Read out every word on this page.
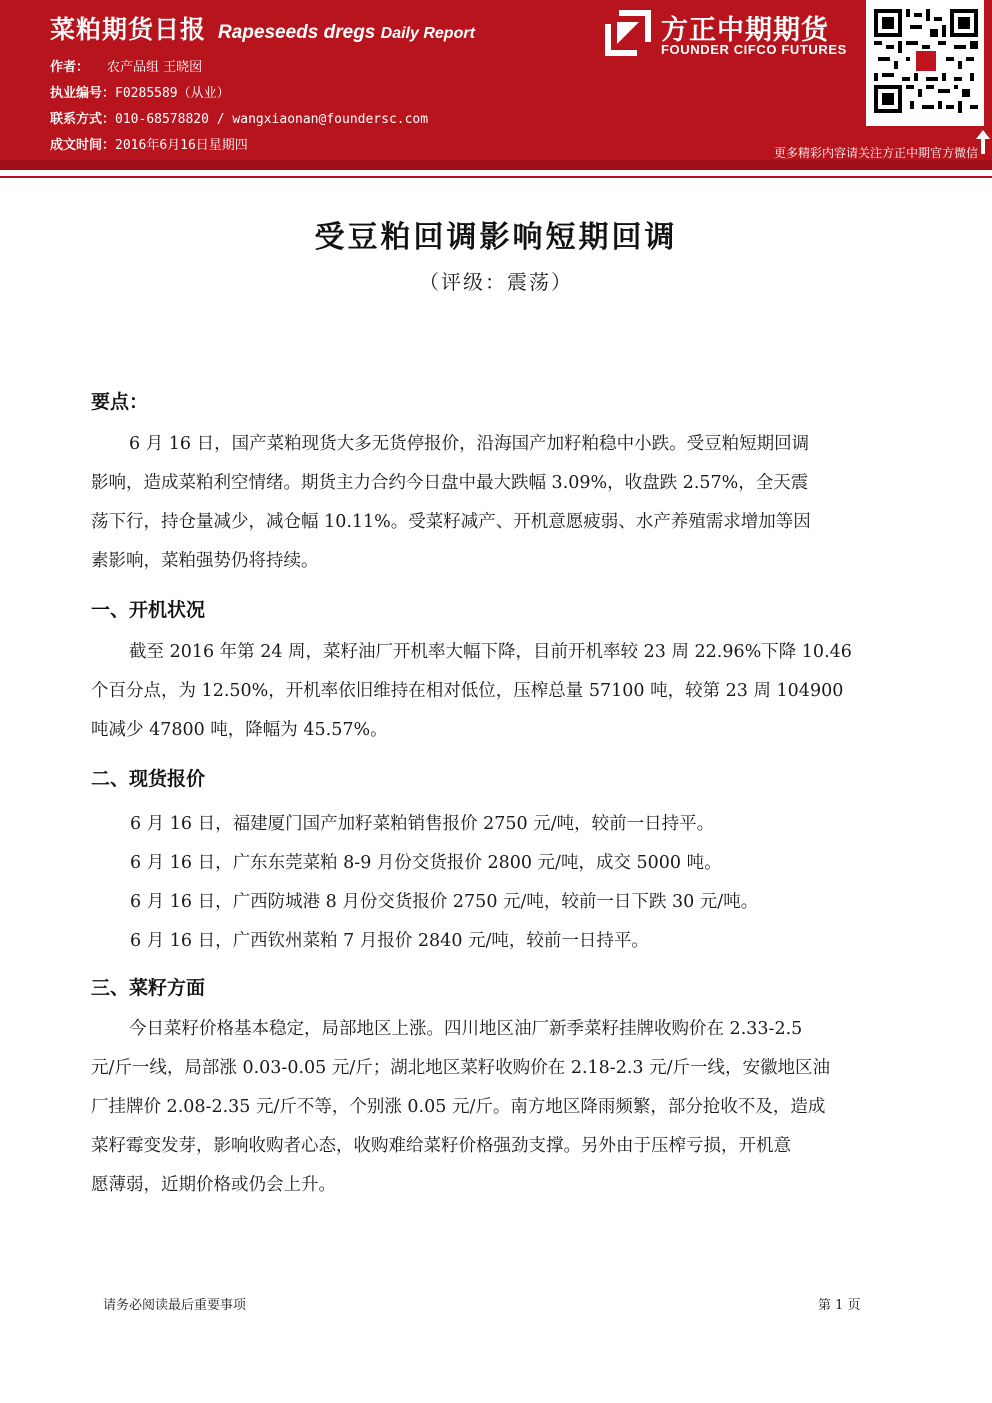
菜粕期货日报 Rapeseeds dregs Daily Report
作者： 农产品组 王晓囡
执业编号：F0285589（从业）
联系方式：010-68578820 / wangxiaonan@foundersc.com
成文时间：2016年6月16日星期四
方正中期期货
FOUNDER CIFCO FUTURES
更多精彩内容请关注方正中期官方微信
受豆粕回调影响短期回调
（评级：震荡）
要点：

6 月 16 日，国产菜粕现货大多无货停报价，沿海国产加籽粕稳中小跌。受豆粕短期回调
影响，造成菜粕利空情绪。期货主力合约今日盘中最大跌幅 3.09%，收盘跌 2.57%，全天震
荡下行，持仓量减少，减仓幅 10.11%。受菜籽减产、开机意愿疲弱、水产养殖需求增加等因
素影响，菜粕强势仍将持续。

一、开机状况

截至 2016 年第 24 周，菜籽油厂开机率大幅下降，目前开机率较 23 周 22.96%下降 10.46
个百分点，为 12.50%，开机率依旧维持在相对低位，压榨总量 57100 吨，较第 23 周 104900
吨减少 47800 吨，降幅为 45.57%。

二、现货报价
6 月 16 日，福建厦门国产加籽菜粕销售报价 2750 元/吨，较前一日持平。
6 月 16 日，广东东莞菜粕 8-9 月份交货报价 2800 元/吨，成交 5000 吨。
6 月 16 日，广西防城港 8 月份交货报价 2750 元/吨，较前一日下跌 30 元/吨。
6 月 16 日，广西钦州菜粕 7 月报价 2840 元/吨，较前一日持平。
三、菜籽方面

今日菜籽价格基本稳定，局部地区上涨。四川地区油厂新季菜籽挂牌收购价在 2.33-2.5
元/斤一线，局部涨 0.03-0.05 元/斤；湖北地区菜籽收购价在 2.18-2.3 元/斤一线，安徽地区油
厂挂牌价 2.08-2.35 元/斤不等，个别涨 0.05 元/斤。南方地区降雨频繁，部分抢收不及，造成
菜籽霉变发芽，影响收购者心态，收购难给菜籽价格强劲支撑。另外由于压榨亏损，开机意
愿薄弱，近期价格或仍会上升。

请务必阅读最后重要事项	第 1 页
